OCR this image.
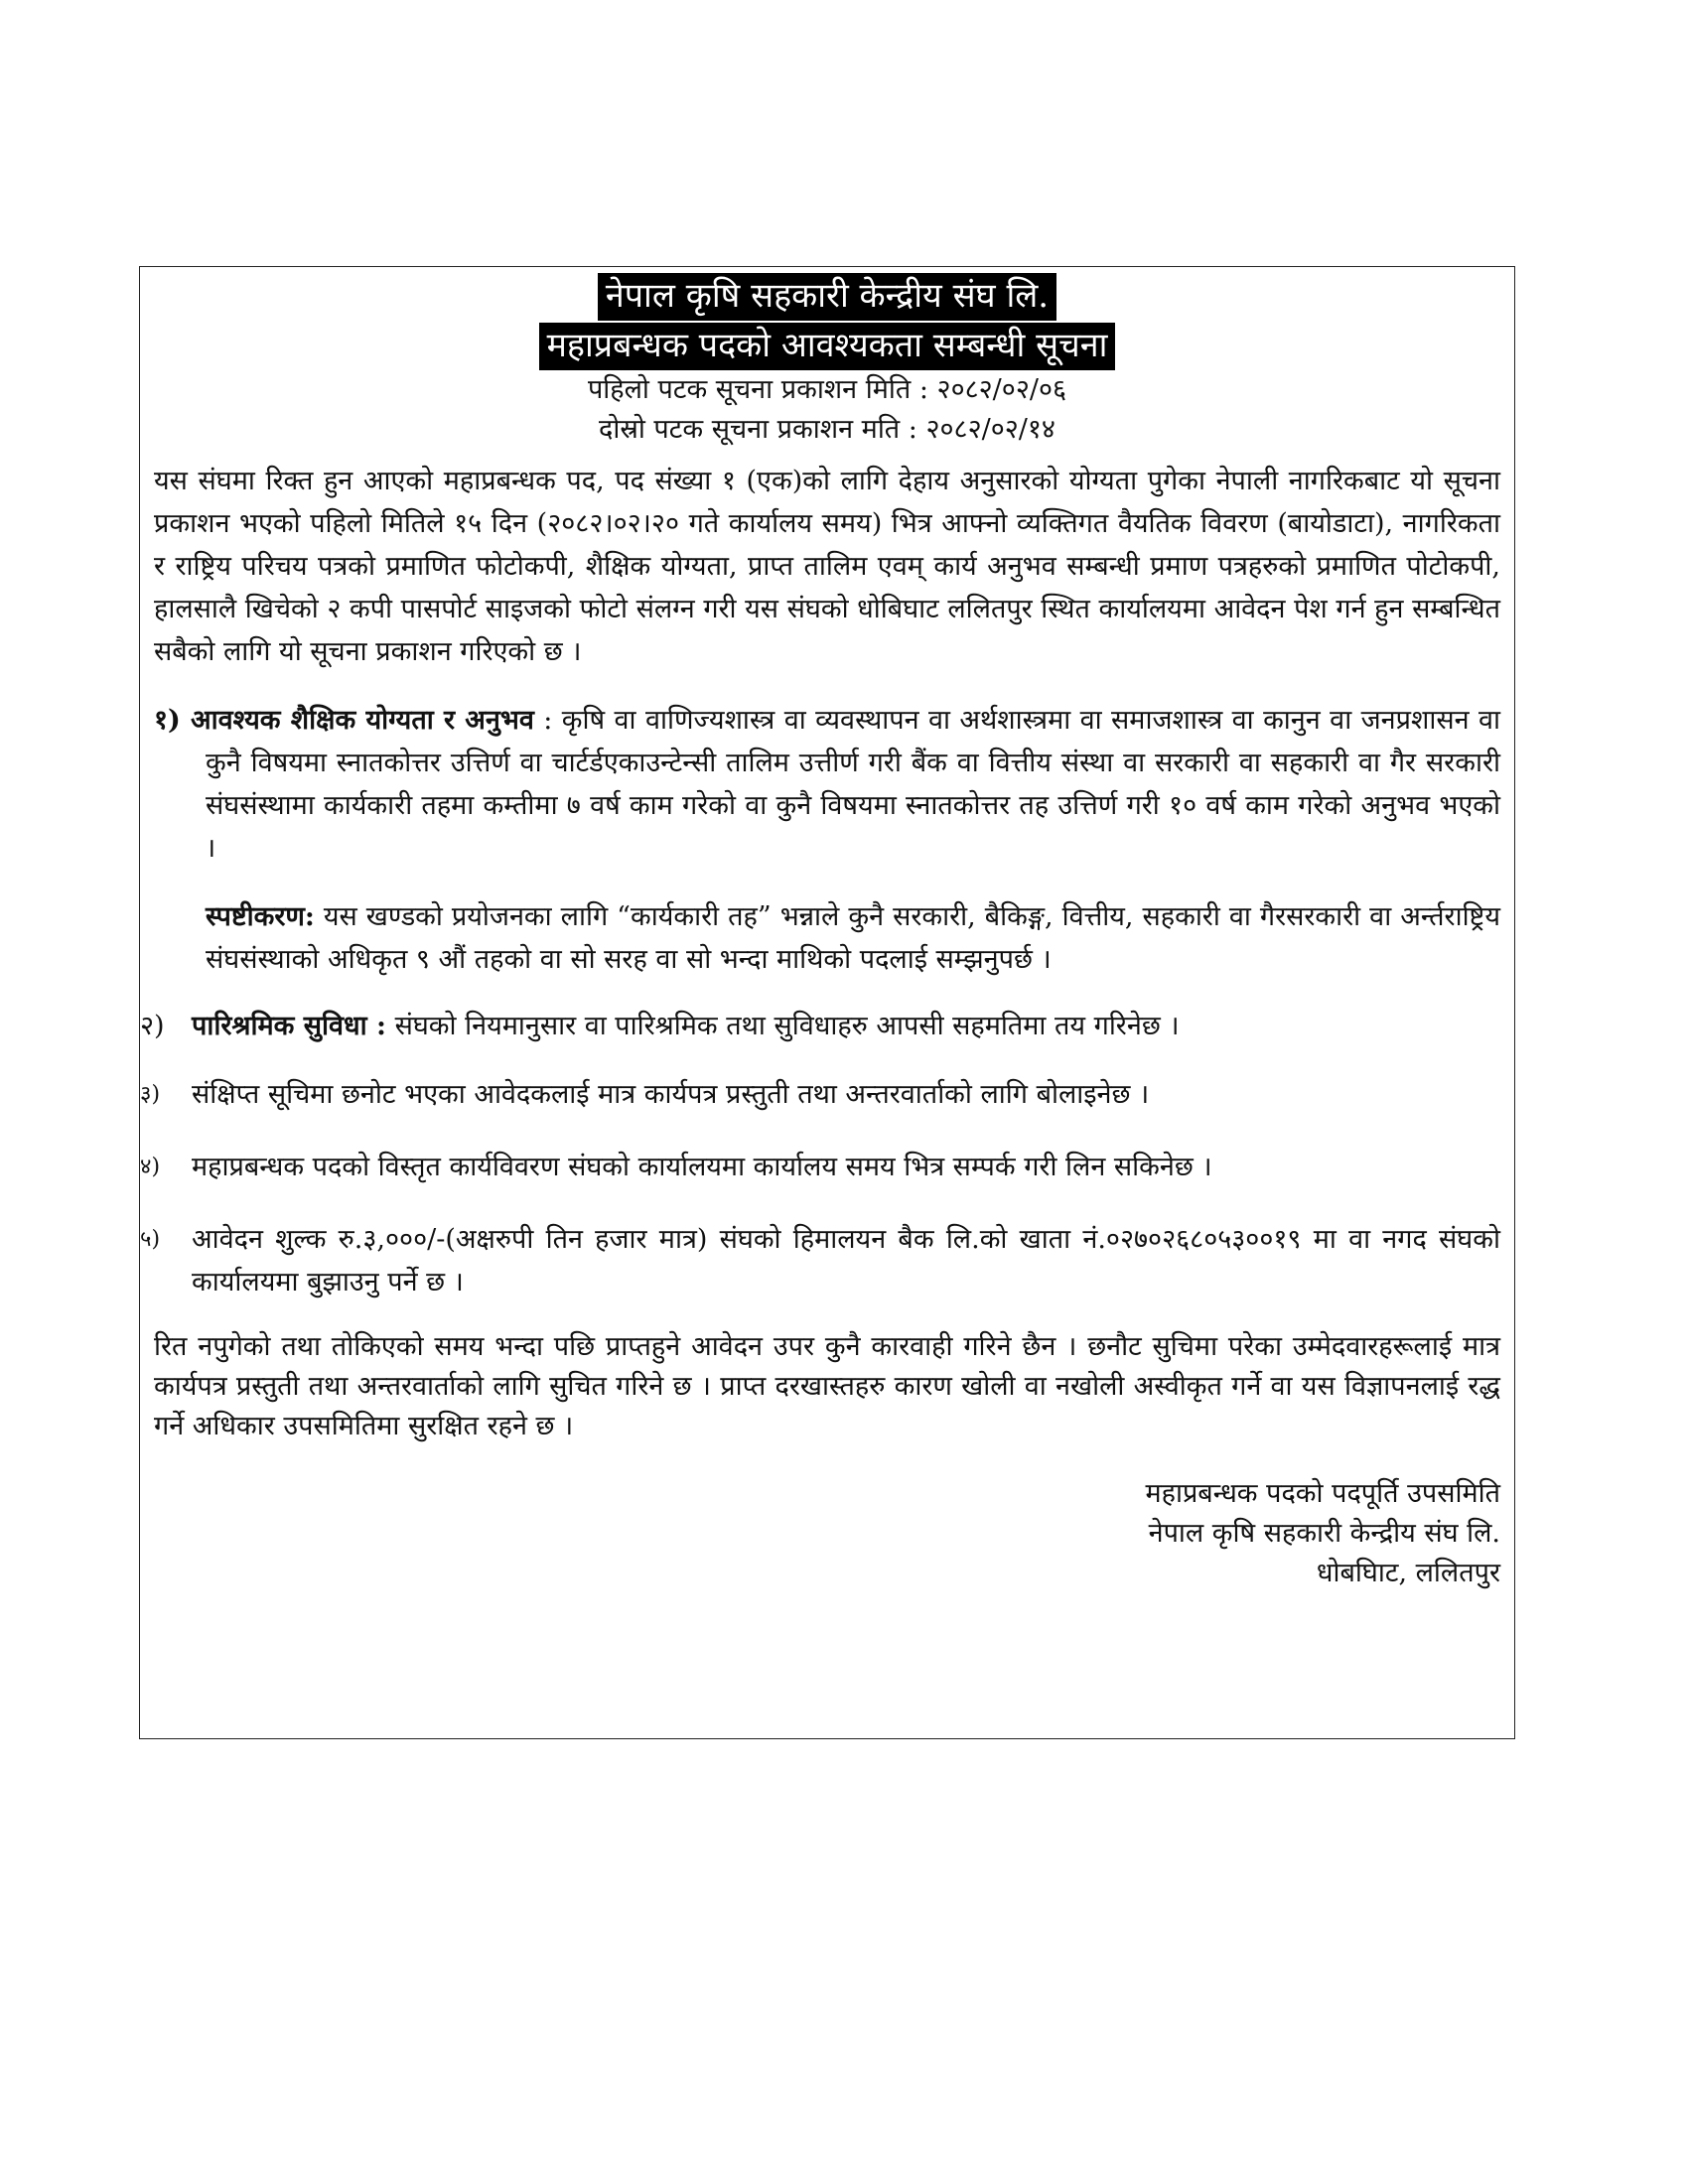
नेपाल कृषि सहकारी केन्द्रीय संघ लि.
महाप्रबन्धक पदको आवश्यकता सम्बन्धी सूचना
पहिलो पटक सूचना प्रकाशन मिति : २०८२/०२/०६
दोस्रो पटक सूचना प्रकाशन मति : २०८२/०२/१४

यस संघमा रिक्त हुन आएको महाप्रबन्धक पद, पद संख्या १ (एक)को लागि देहाय अनुसारको योग्यता पुगेका नेपाली नागरिकबाट यो सूचना प्रकाशन भएको पहिलो मितिले १५ दिन (२०८२।०२।२० गते कार्यालय समय) भित्र आफ्नो व्यक्तिगत वैयतिक विवरण (बायोडाटा), नागरिकता र राष्ट्रिय परिचय पत्रको प्रमाणित फोटोकपी, शैक्षिक योग्यता, प्राप्त तालिम एवम् कार्य अनुभव सम्बन्धी प्रमाण पत्रहरुको प्रमाणित पोटोकपी, हालसालै खिचेको २ कपी पासपोर्ट साइजको फोटो संलग्न गरी यस संघको धोबिघाट ललितपुर स्थित कार्यालयमा आवेदन पेश गर्न हुन सम्बन्धित सबैको लागि यो सूचना प्रकाशन गरिएको छ ।

१) आवश्यक शैक्षिक योग्यता र अनुभव : कृषि वा वाणिज्यशास्त्र वा व्यवस्थापन वा अर्थशास्त्रमा वा समाजशास्त्र वा कानुन वा जनप्रशासन वा कुनै विषयमा स्नातकोत्तर उत्तिर्ण वा चार्टर्डएकाउन्टेन्सी तालिम उत्तीर्ण गरी बैंक वा वित्तीय संस्था वा सरकारी वा सहकारी वा गैर सरकारी संघसंस्थामा कार्यकारी तहमा कम्तीमा ७ वर्ष काम गरेको वा कुनै विषयमा स्नातकोत्तर तह उत्तिर्ण गरी १० वर्ष काम गरेको अनुभव भएको ।
स्पष्टीकरण: यस खण्डको प्रयोजनका लागि “कार्यकारी तह” भन्नाले कुनै सरकारी, बैकिङ्ग, वित्तीय, सहकारी वा गैरसरकारी वा अर्न्तराष्ट्रिय संघसंस्थाको अधिकृत ९ औं तहको वा सो सरह वा सो भन्दा माथिको पदलाई सम्झनुपर्छ ।
२)	पारिश्रमिक सुविधा : संघको नियमानुसार वा पारिश्रमिक तथा सुविधाहरु आपसी सहमतिमा तय गरिनेछ ।
३)	संक्षिप्त सूचिमा छनोट भएका आवेदकलाई मात्र कार्यपत्र प्रस्तुती तथा अन्तरवार्ताको लागि बोलाइनेछ ।
४)	महाप्रबन्धक पदको विस्तृत कार्यविवरण संघको कार्यालयमा कार्यालय समय भित्र सम्पर्क गरी लिन सकिनेछ ।
५)	आवेदन शुल्क रु.३,०००/-(अक्षरुपी तिन हजार मात्र) संघको हिमालयन बैक लि.को खाता नं.०२७०२६८०५३००१९ मा वा नगद संघको कार्यालयमा बुझाउनु पर्ने छ ।

रित नपुगेको तथा तोकिएको समय भन्दा पछि प्राप्तहुने आवेदन उपर कुनै कारवाही गरिने छैन । छनौट सुचिमा परेका उम्मेदवारहरूलाई मात्र कार्यपत्र प्रस्तुती तथा अन्तरवार्ताको लागि सुचित गरिने छ । प्राप्त दरखास्तहरु कारण खोली वा नखोली अस्वीकृत गर्ने वा यस विज्ञापनलाई रद्ध गर्ने अधिकार उपसमितिमा सुरक्षित रहने छ ।

महाप्रबन्धक पदको पदपूर्ति उपसमिति
नेपाल कृषि सहकारी केन्द्रीय संघ लि.
धोबघिाट, ललितपुर
